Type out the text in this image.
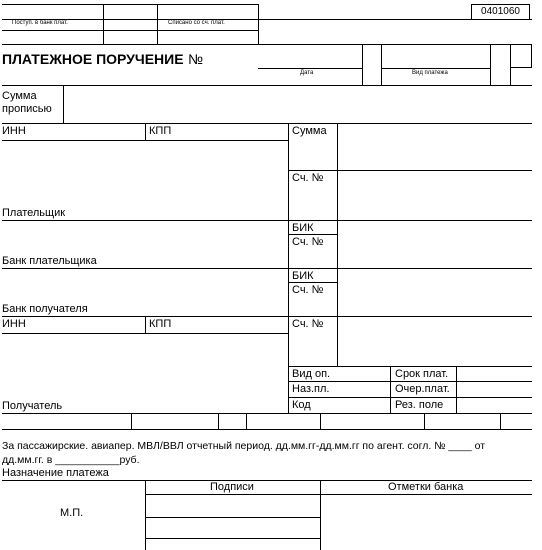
Поступ. в банк плат.	Списано со сч. плат.
0401060
ПЛАТЕЖНОЕ ПОРУЧЕНИЕ №
Дата	Вид платежа
Сумма
прописью
ИНН	КПП	Сумма
Сч. №
Плательщик
БИК
Сч. №
Банк плательщика
БИК
Сч. №
Банк получателя
ИНН	КПП	Сч. №
Вид оп.	Срок плат.
Наз.пл.	Очер.плат.
Код	Рез. поле
Получатель
За пассажирские. авиапер. МВЛ/ВВЛ отчетный период. дд.мм.гг-дд.мм.гг по агент. согл. № ____ от
дд.мм.гг. в ___________руб.
Назначение платежа
Подписи	Отметки банка
М.П.
